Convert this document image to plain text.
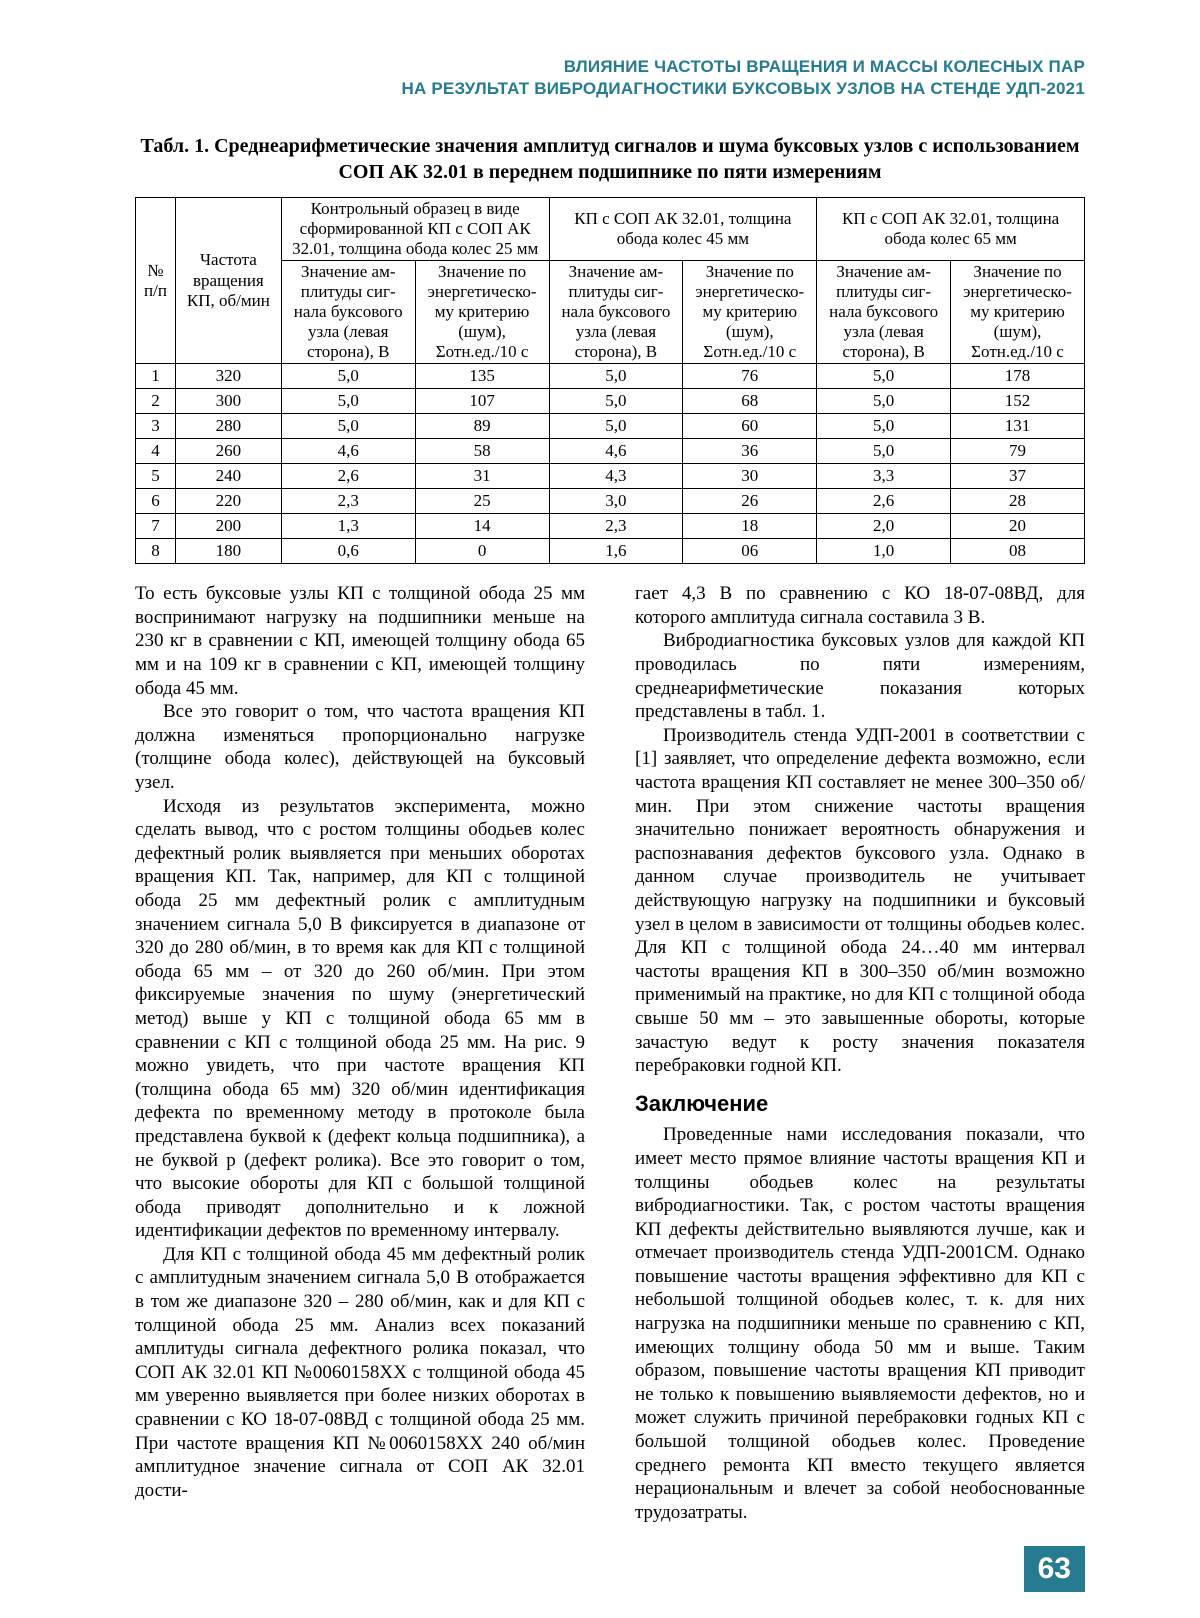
ВЛИЯНИЕ ЧАСТОТЫ ВРАЩЕНИЯ И МАССЫ КОЛЕСНЫХ ПАР
НА РЕЗУЛЬТАТ ВИБРОДИАГНОСТИКИ БУКСОВЫХ УЗЛОВ НА СТЕНДЕ УДП-2021
Табл. 1. Среднеарифметические значения амплитуд сигналов и шума буксовых узлов с использованием СОП АК 32.01 в переднем подшипнике по пяти измерениям
№ п/п	Частота вращения КП, об/мин	Контрольный образец в виде сформированной КП с СОП АК 32.01, толщина обода колес 25 мм		КП с СОП АК 32.01, толщина обода колес 45 мм		КП с СОП АК 32.01, толщина обода колес 65 мм	
		Значение ам-плитуды сиг-нала буксового узла (левая сторона), В	Значение по энергетическо-му критерию (шум), Σотн.ед./10 с	Значение ам-плитуды сиг-нала буксового узла (левая сторона), В	Значение по энергетическо-му критерию (шум), Σотн.ед./10 с	Значение ам-плитуды сиг-нала буксового узла (левая сторона), В	Значение по энергетическо-му критерию (шум), Σотн.ед./10 с
1	320	5,0	135	5,0	76	5,0	178
2	300	5,0	107	5,0	68	5,0	152
3	280	5,0	89	5,0	60	5,0	131
4	260	4,6	58	4,6	36	5,0	79
5	240	2,6	31	4,3	30	3,3	37
6	220	2,3	25	3,0	26	2,6	28
7	200	1,3	14	2,3	18	2,0	20
8	180	0,6	0	1,6	06	1,0	08

То есть буксовые узлы КП с толщиной обода 25 мм воспринимают нагрузку на подшипники меньше на 230 кг в сравнении с КП, имеющей толщину обода 65 мм и на 109 кг в сравнении с КП, имеющей толщину обода 45 мм.

Все это говорит о том, что частота вращения КП должна изменяться пропорционально нагрузке (толщине обода колес), действующей на буксовый узел.

Исходя из результатов эксперимента, можно сделать вывод, что с ростом толщины ободьев колес дефектный ролик выявляется при меньших оборотах вращения КП. Так, например, для КП с толщиной обода 25 мм дефектный ролик с амплитудным значением сигнала 5,0 В фиксируется в диапазоне от 320 до 280 об/мин, в то время как для КП с толщиной обода 65 мм – от 320 до 260 об/мин. При этом фиксируемые значения по шуму (энергетический метод) выше у КП с толщиной обода 65 мм в сравнении с КП с толщиной обода 25 мм. На рис. 9 можно увидеть, что при частоте вращения КП (толщина обода 65 мм) 320 об/мин идентификация дефекта по временному методу в протоколе была представлена буквой к (дефект кольца подшипника), а не буквой р (дефект ролика). Все это говорит о том, что высокие обороты для КП с большой толщиной обода приводят дополнительно и к ложной идентификации дефектов по временному интервалу.

Для КП с толщиной обода 45 мм дефектный ролик с амплитудным значением сигнала 5,0 В отображается в том же диапазоне 320 – 280 об/мин, как и для КП с толщиной обода 25 мм. Анализ всех показаний амплитуды сигнала дефектного ролика показал, что СОП АК 32.01 КП №0060158ХХ с толщиной обода 45 мм уверенно выявляется при более низких оборотах в сравнении с КО 18-07-08ВД с толщиной обода 25 мм. При частоте вращения КП №0060158ХХ 240 об/мин амплитудное значение сигнала от СОП АК 32.01 дости-

гает 4,3 В по сравнению с КО 18-07-08ВД, для которого амплитуда сигнала составила 3 В.

Вибродиагностика буксовых узлов для каждой КП проводилась по пяти измерениям, среднеарифметические показания которых представлены в табл. 1.

Производитель стенда УДП-2001 в соответствии с [1] заявляет, что определение дефекта возможно, если частота вращения КП составляет не менее 300–350 об/мин. При этом снижение частоты вращения значительно понижает вероятность обнаружения и распознавания дефектов буксового узла. Однако в данном случае производитель не учитывает действующую нагрузку на подшипники и буксовый узел в целом в зависимости от толщины ободьев колес. Для КП с толщиной обода 24…40 мм интервал частоты вращения КП в 300–350 об/мин возможно применимый на практике, но для КП с толщиной обода свыше 50 мм – это завышенные обороты, которые зачастую ведут к росту значения показателя перебраковки годной КП.

Заключение

Проведенные нами исследования показали, что имеет место прямое влияние частоты вращения КП и толщины ободьев колес на результаты вибродиагностики. Так, с ростом частоты вращения КП дефекты действительно выявляются лучше, как и отмечает производитель стенда УДП-2001СМ. Однако повышение частоты вращения эффективно для КП с небольшой толщиной ободьев колес, т. к. для них нагрузка на подшипники меньше по сравнению с КП, имеющих толщину обода 50 мм и выше. Таким образом, повышение частоты вращения КП приводит не только к повышению выявляемости дефектов, но и может служить причиной перебраковки годных КП с большой толщиной ободьев колес. Проведение среднего ремонта КП вместо текущего является нерациональным и влечет за собой необоснованные трудозатраты.

63
